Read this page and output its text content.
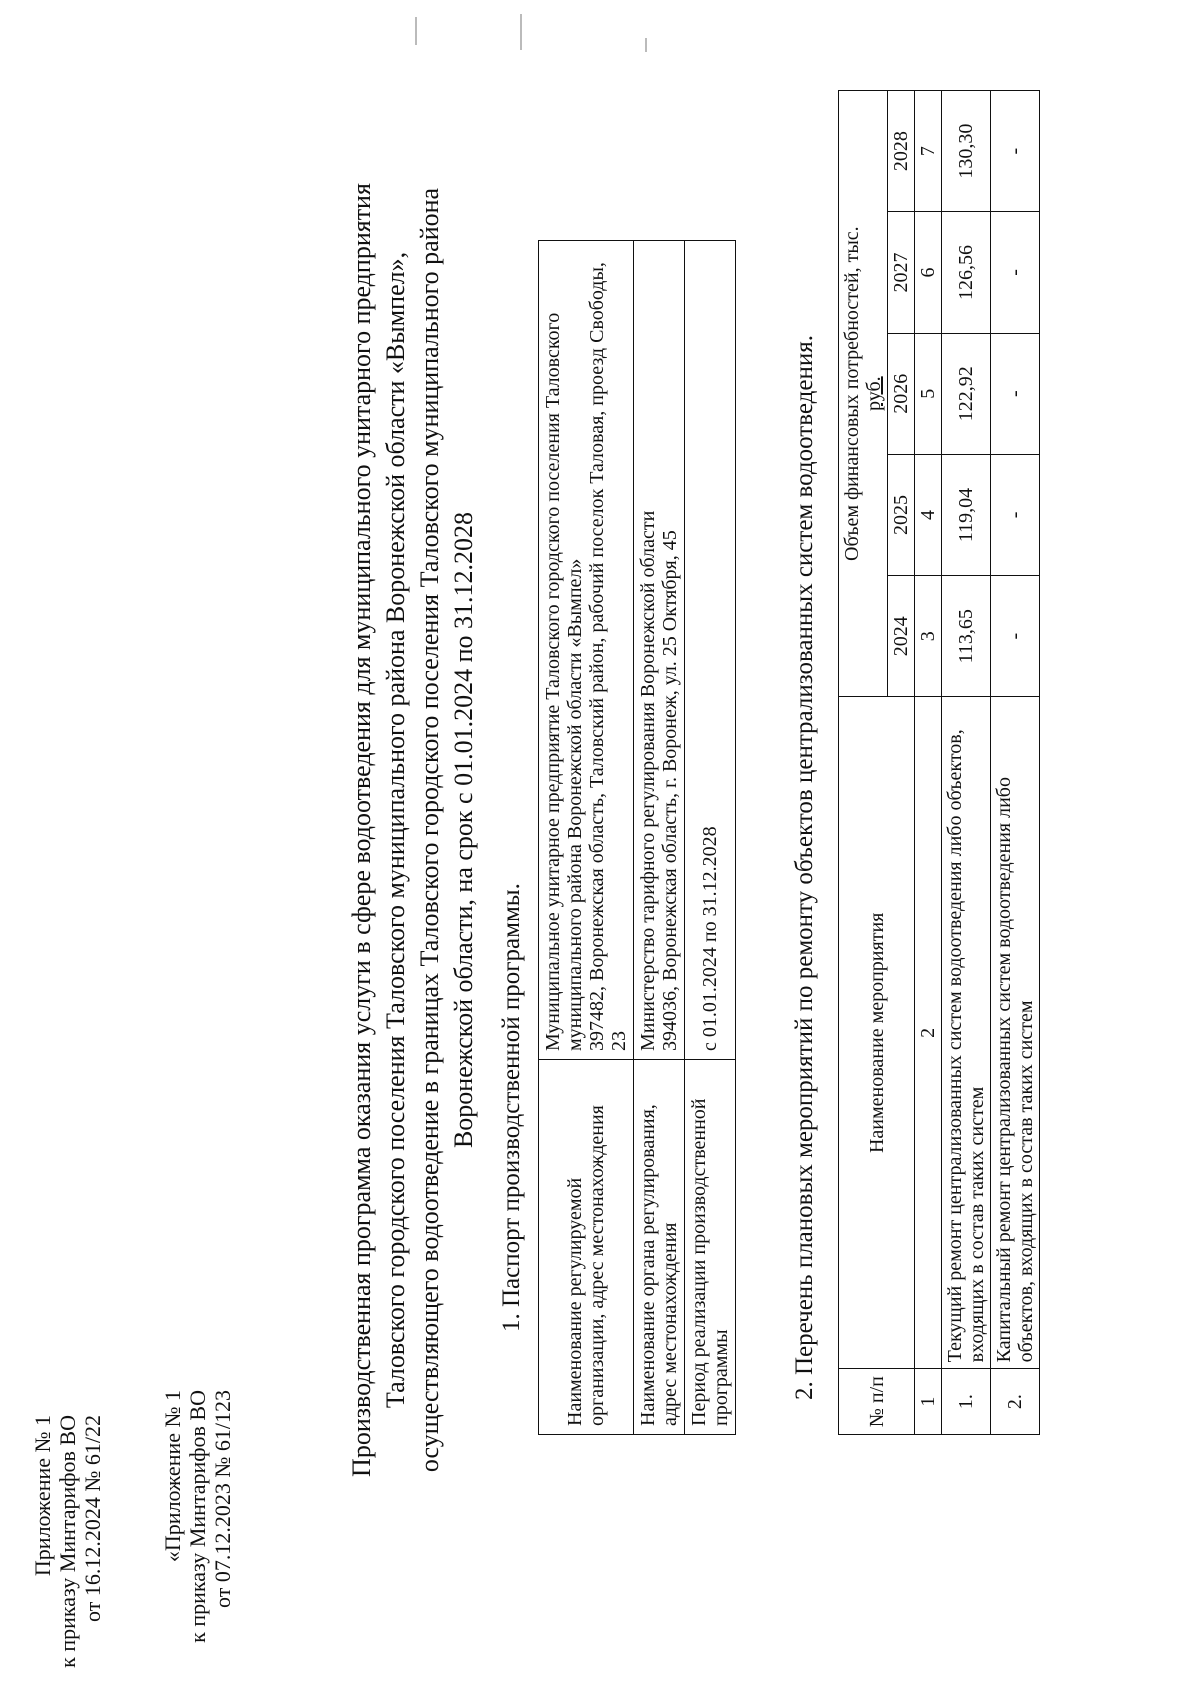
Приложение № 1 к приказу Минтарифов ВО от 16.12.2024 № 61/22	«Приложение № 1 к приказу Минтарифов ВО от 07.12.2023 № 61/123
Производственная программа оказания услуги в сфере водоотведения для муниципального унитарного предприятия Таловского городского поселения Таловского муниципального района Воронежской области «Вымпел», осуществляющего водоотведение в границах Таловского городского поселения Таловского муниципального района Воронежской области, на срок с 01.01.2024 по 31.12.2028 1. Паспорт производственной программы. Наименование регулируемой организации, адрес местонахождения	Муниципальное унитарное предприятие Таловского городского поселения Таловского муниципального района Воронежской области «Вымпел» 397482, Воронежская область, Таловский район, рабочий поселок Таловая, проезд Свободы, 23

Наименование органа регулирования, адрес местонахождения	Министерство тарифного регулирования Воронежской области 394036, Воронежская область, г. Воронеж, ул. 25 Октября, 45

Период реализации производственной программы	с 01.01.2024 по 31.12.2028	2. Перечень плановых мероприятий по ремонту объектов централизованных систем водоотведения.
№ п/п	Наименование мероприятия	Объем финансовых потребностей, тыс. руб.				

		2024	2025	2026	2027	2028
1	2	3	4	5	6	7
1.	Текущий ремонт централизованных систем водоотведения либо объектов, входящих в состав таких систем	113,65	119,04	122,92	126,56	130,30
2.	Капитальный ремонт централизованных систем водоотведения либо объектов, входящих в состав таких систем	-	-	-	-	-
